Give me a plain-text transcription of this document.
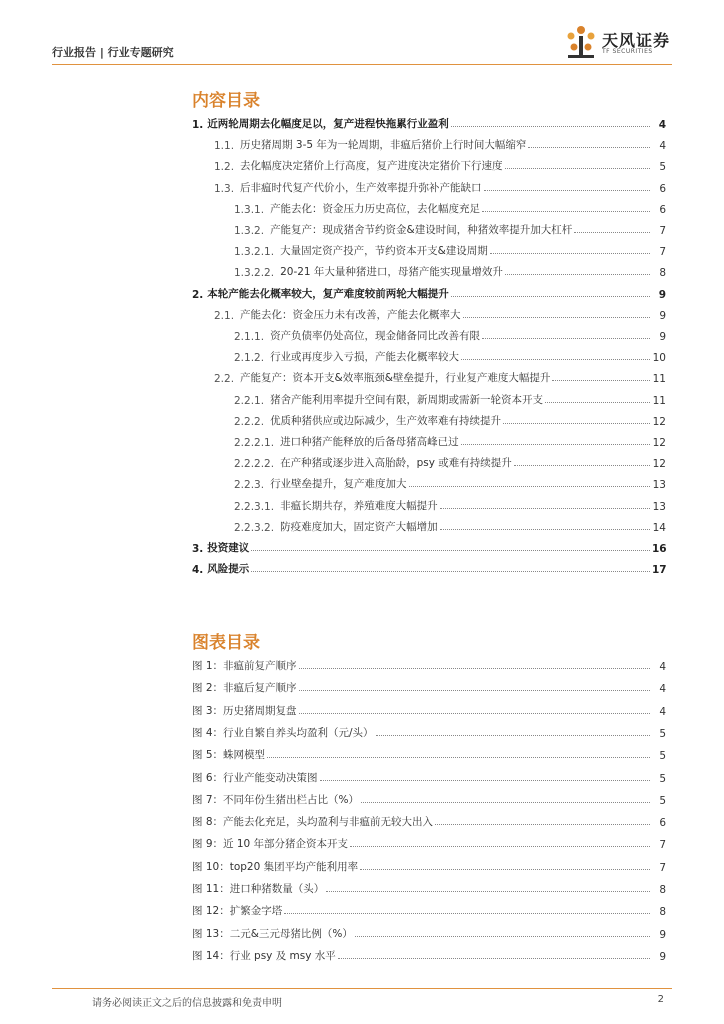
行业报告 | 行业专题研究
天风证券
TF SECURITIES
内容目录
1. 近两轮周期去化幅度足以，复产进程快拖累行业盈利	4
1.1. 历史猪周期 3-5 年为一轮周期，非瘟后猪价上行时间大幅缩窄	4
1.2. 去化幅度决定猪价上行高度，复产进度决定猪价下行速度	5
1.3. 后非瘟时代复产代价小，生产效率提升弥补产能缺口	6
1.3.1. 产能去化：资金压力历史高位，去化幅度充足	6
1.3.2. 产能复产：现成猪舍节约资金&建设时间，种猪效率提升加大杠杆	7
1.3.2.1. 大量固定资产投产，节约资本开支&建设周期	7
1.3.2.2. 20-21 年大量种猪进口，母猪产能实现量增效升	8
2. 本轮产能去化概率较大，复产难度较前两轮大幅提升	9
2.1. 产能去化：资金压力未有改善，产能去化概率大	9
2.1.1. 资产负债率仍处高位，现金储备同比改善有限	9
2.1.2. 行业或再度步入亏损，产能去化概率较大	10
2.2. 产能复产：资本开支&效率瓶颈&壁垒提升，行业复产难度大幅提升	11
2.2.1. 猪舍产能利用率提升空间有限，新周期或需新一轮资本开支	11
2.2.2. 优质种猪供应或边际减少，生产效率难有持续提升	12
2.2.2.1. 进口种猪产能释放的后备母猪高峰已过	12
2.2.2.2. 在产种猪或逐步进入高胎龄，psy 或难有持续提升	12
2.2.3. 行业壁垒提升，复产难度加大	13
2.2.3.1. 非瘟长期共存，养殖难度大幅提升	13
2.2.3.2. 防疫难度加大，固定资产大幅增加	14
3. 投资建议	16
4. 风险提示	17
图表目录
图 1：非瘟前复产顺序	4
图 2：非瘟后复产顺序	4
图 3：历史猪周期复盘	4
图 4：行业自繁自养头均盈利（元/头）	5
图 5：蛛网模型	5
图 6：行业产能变动决策图	5
图 7：不同年份生猪出栏占比（%）	5
图 8：产能去化充足，头均盈利与非瘟前无较大出入	6
图 9：近 10 年部分猪企资本开支	7
图 10：top20 集团平均产能利用率	7
图 11：进口种猪数量（头）	8
图 12：扩繁金字塔	8
图 13：二元&三元母猪比例（%）	9
图 14：行业 psy 及 msy 水平	9
请务必阅读正文之后的信息披露和免责申明	2
